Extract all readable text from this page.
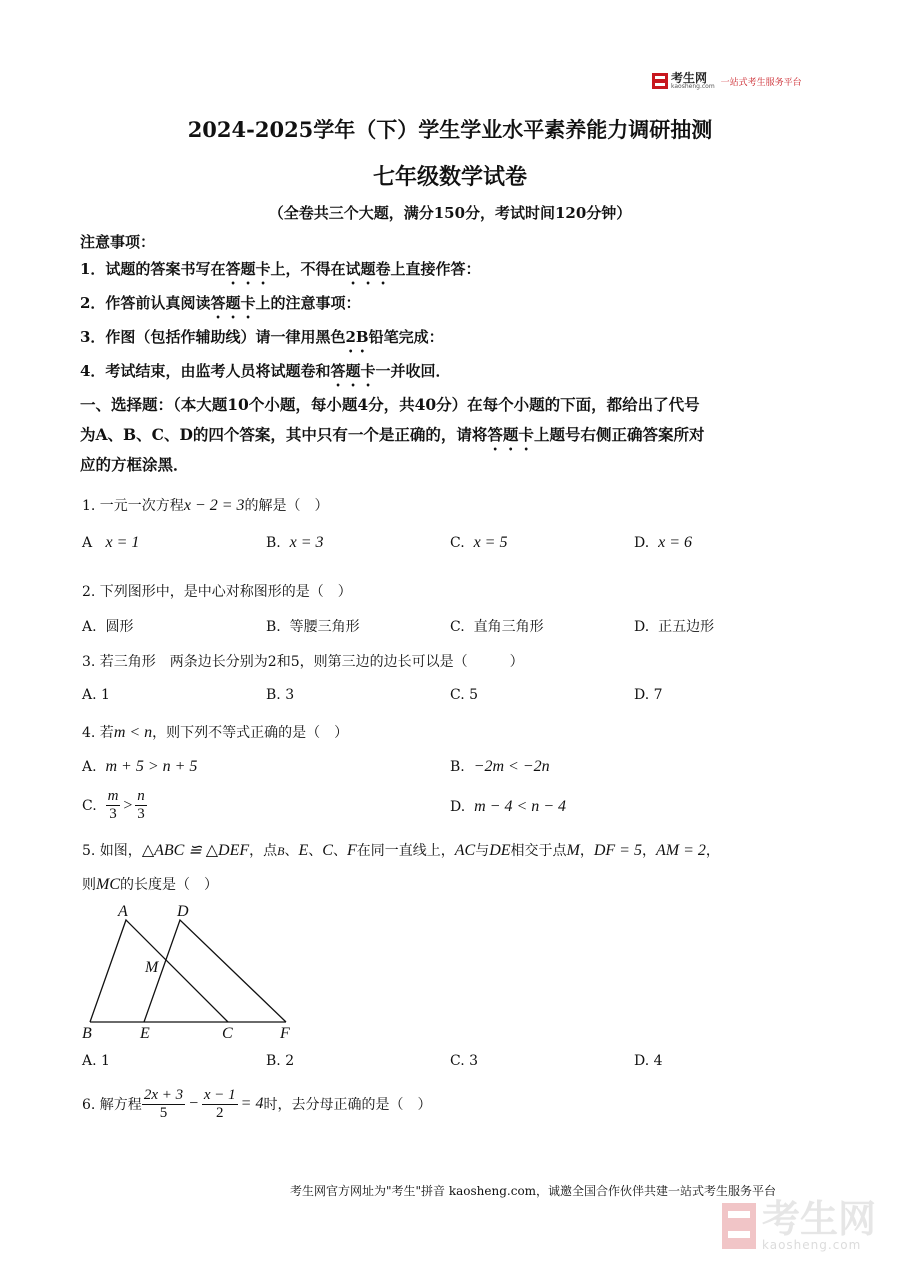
考生网
kaosheng.com 一站式考生服务平台
2024-2025学年（下）学生学业水平素养能力调研抽测
七年级数学试卷
（全卷共三个大题，满分150分，考试时间120分钟）
注意事项：
1．试题的答案书写在答题卡上，不得在试题卷上直接作答：
2．作答前认真阅读答题卡上的注意事项：
3．作图（包括作辅助线）请一律用黑色2B铅笔完成：
4．考试结束，由监考人员将试题卷和答题卡一并收回．
一、选择题：（本大题10个小题，每小题4分，共40分）在每个小题的下面，都给出了代号
为A、B、C、D的四个答案，其中只有一个是正确的，请将答题卡上题号右侧正确答案所对
应的方框涂黑．
1. 一元一次方程x − 2 = 3的解是（　）
A x = 1	B. x = 3	C. x = 5	D. x = 6
2. 下列图形中，是中心对称图形的是（　）
A. 圆形	B. 等腰三角形	C. 直角三角形	D. 正五边形
3. 若三角形　两条边长分别为2和5，则第三边的边长可以是（　　　）
A. 1	B. 3	C. 5	D. 7
4. 若m < n，则下列不等式正确的是（　）
A. m + 5 > n + 5	B. −2m < −2n
C.
$\frac{m}{3} > \frac{n}{3}$	D. m − 4 < n − 4
5. 如图，△ABC ≌ △DEF，点B、E、C、F在同一直线上，AC与DE相交于点M，DF = 5，AM = 2，
则MC的长度是（　）
A	D
M
B	E	C	F
A. 1	B. 2	C. 3	D. 4
6. 解方程 $\frac{2x + 3}{5} - \frac{x - 1}{2} = 4$ 时，去分母正确的是（　）
考生网官方网址为"考生"拼音 kaosheng.com，诚邀全国合作伙伴共建一站式考生服务平台
考生网
kaosheng.com
